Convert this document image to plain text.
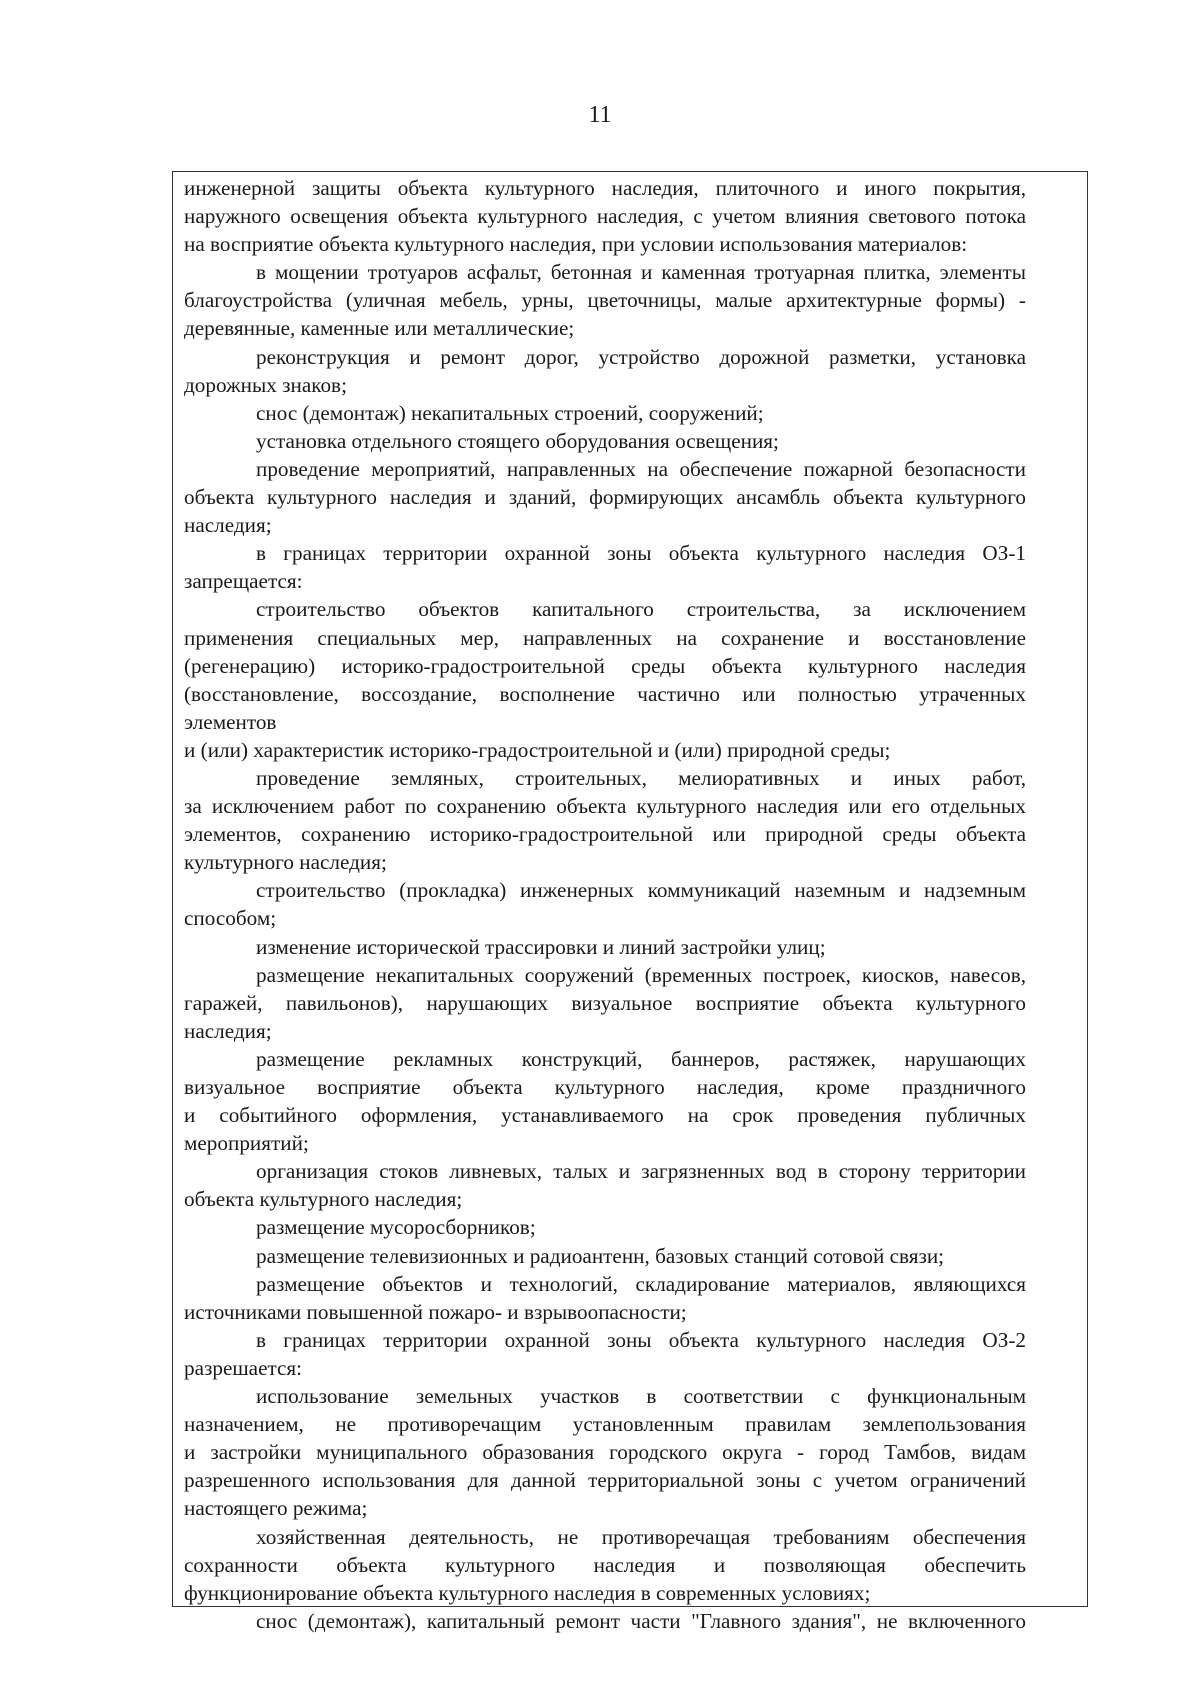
11
инженерной защиты объекта культурного наследия, плиточного и иного покрытия,
наружного освещения объекта культурного наследия, с учетом влияния светового потока
на восприятие объекта культурного наследия, при условии использования материалов:
в мощении тротуаров асфальт, бетонная и каменная тротуарная плитка, элементы
благоустройства (уличная мебель, урны, цветочницы, малые архитектурные формы) -
деревянные, каменные или металлические;
реконструкция и ремонт дорог, устройство дорожной разметки, установка
дорожных знаков;
снос (демонтаж) некапитальных строений, сооружений;
установка отдельного стоящего оборудования освещения;
проведение мероприятий, направленных на обеспечение пожарной безопасности
объекта культурного наследия и зданий, формирующих ансамбль объекта культурного
наследия;
в границах территории охранной зоны объекта культурного наследия ОЗ-1
запрещается:
строительство объектов капитального строительства, за исключением
применения специальных мер, направленных на сохранение и восстановление
(регенерацию) историко-градостроительной среды объекта культурного наследия
(восстановление, воссоздание, восполнение частично или полностью утраченных
элементов
и (или) характеристик историко-градостроительной и (или) природной среды;
проведение земляных, строительных, мелиоративных и иных работ,
за исключением работ по сохранению объекта культурного наследия или его отдельных
элементов, сохранению историко-градостроительной или природной среды объекта
культурного наследия;
строительство (прокладка) инженерных коммуникаций наземным и надземным
способом;
изменение исторической трассировки и линий застройки улиц;
размещение некапитальных сооружений (временных построек, киосков, навесов,
гаражей, павильонов), нарушающих визуальное восприятие объекта культурного
наследия;
размещение рекламных конструкций, баннеров, растяжек, нарушающих
визуальное восприятие объекта культурного наследия, кроме праздничного
и событийного оформления, устанавливаемого на срок проведения публичных
мероприятий;
организация стоков ливневых, талых и загрязненных вод в сторону территории
объекта культурного наследия;
размещение мусоросборников;
размещение телевизионных и радиоантенн, базовых станций сотовой связи;
размещение объектов и технологий, складирование материалов, являющихся
источниками повышенной пожаро- и взрывоопасности;
в границах территории охранной зоны объекта культурного наследия ОЗ-2
разрешается:
использование земельных участков в соответствии с функциональным
назначением, не противоречащим установленным правилам землепользования
и застройки муниципального образования городского округа - город Тамбов, видам
разрешенного использования для данной территориальной зоны с учетом ограничений
настоящего режима;
хозяйственная деятельность, не противоречащая требованиям обеспечения
сохранности объекта культурного наследия и позволяющая обеспечить
функционирование объекта культурного наследия в современных условиях;
снос (демонтаж), капитальный ремонт части "Главного здания", не включенного
